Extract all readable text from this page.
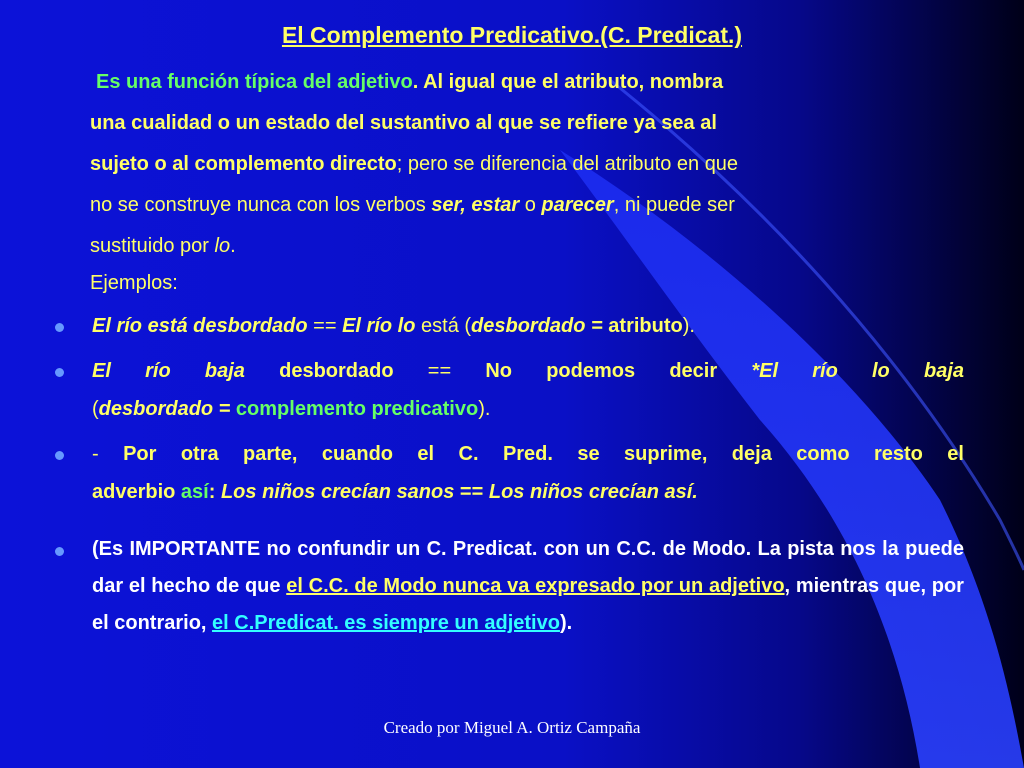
El Complemento Predicativo.(C. Predicat.)
Es una función típica del adjetivo. Al igual que el atributo, nombra
una cualidad o un estado del sustantivo al que se refiere ya sea al
sujeto o al complemento directo; pero se diferencia del atributo en que
no se construye nunca con los verbos ser, estar o parecer, ni puede ser
sustituido por lo.
Ejemplos:
El río está desbordado == El río lo está (desbordado = atributo).
El río baja desbordado == No podemos decir *El río lo baja
(desbordado = complemento predicativo).
- Por otra parte, cuando el C. Pred. se suprime, deja como resto el
adverbio así: Los niños crecían sanos == Los niños crecían así.
(Es IMPORTANTE no confundir un C. Predicat. con un C.C. de Modo. La pista nos la puede dar el hecho de que el C.C. de Modo nunca va expresado por un adjetivo, mientras que, por el contrario, el C.Predicat. es siempre un adjetivo).
Creado por Miguel A. Ortiz Campaña
